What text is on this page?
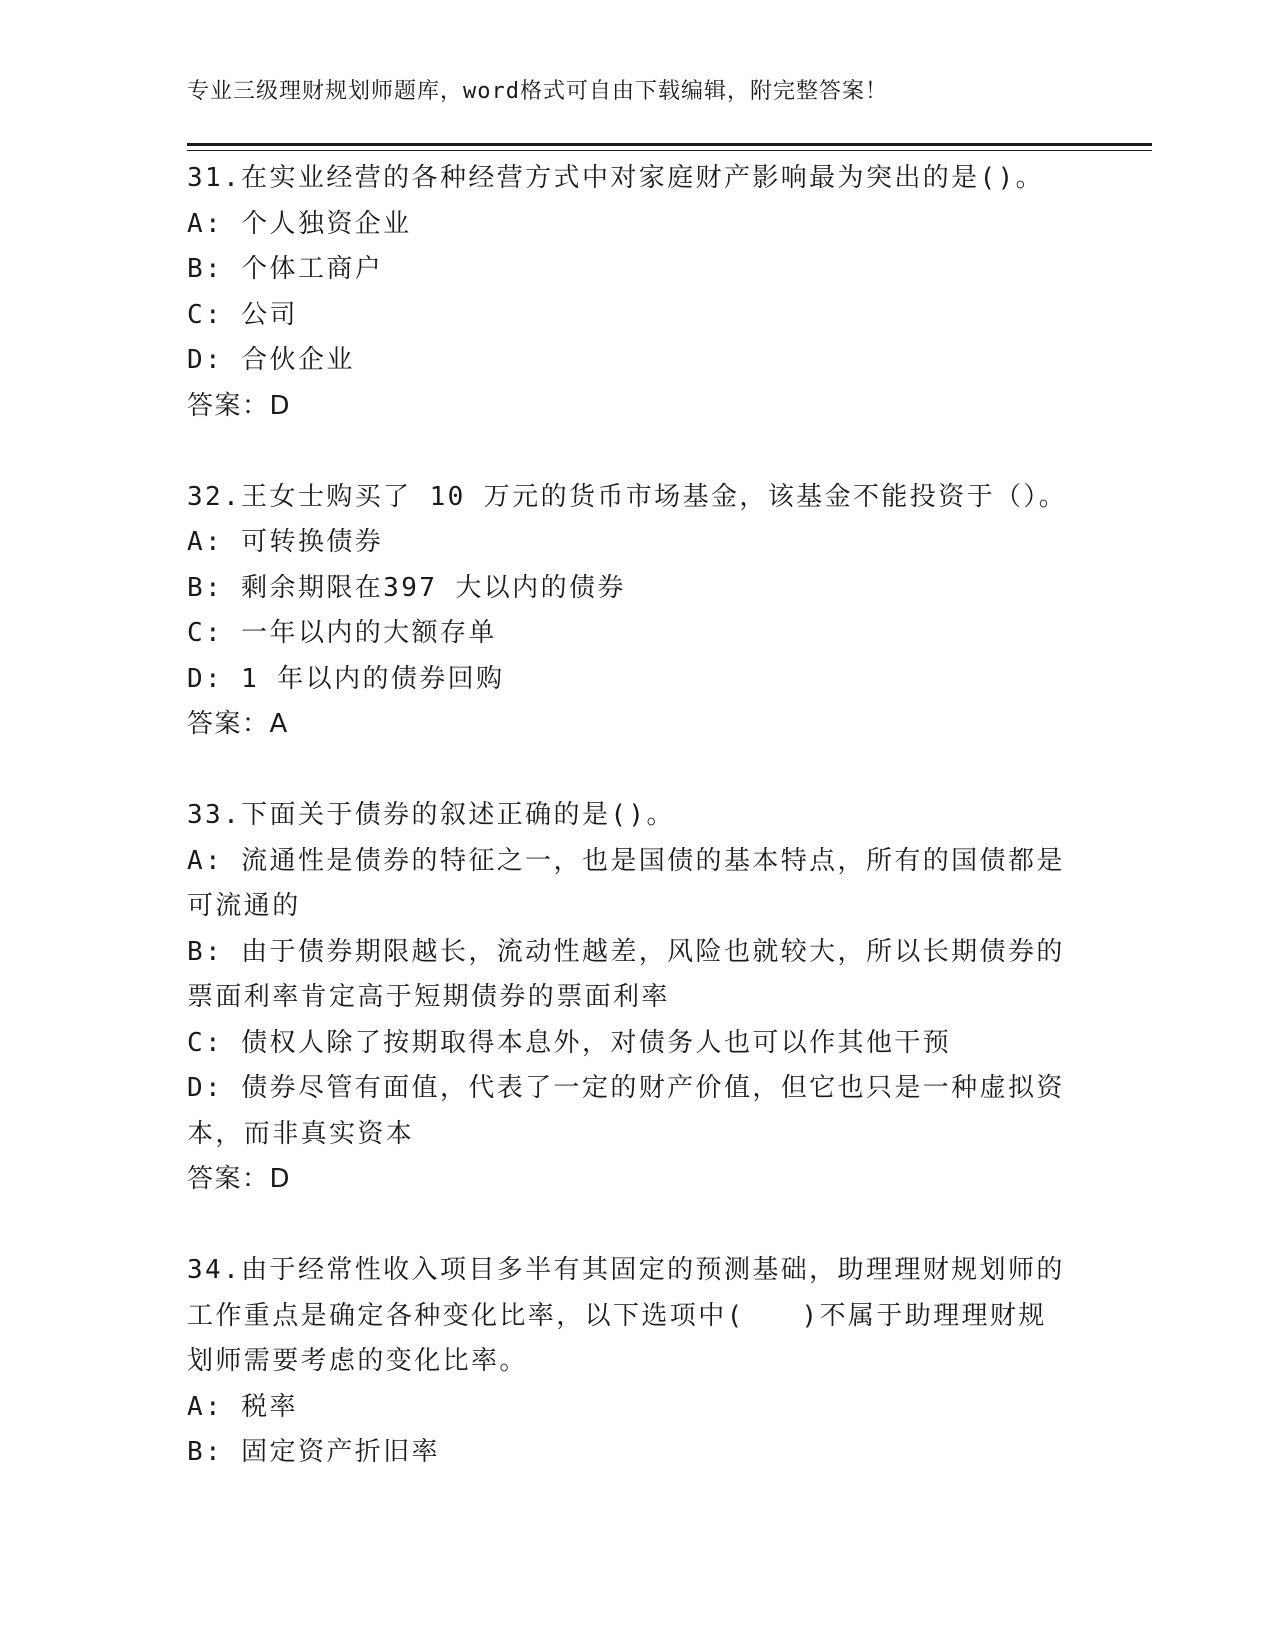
专业三级理财规划师题库，word格式可自由下载编辑，附完整答案！
31.在实业经营的各种经营方式中对家庭财产影响最为突出的是()。
A: 个人独资企业
B: 个体工商户
C: 公司
D: 合伙企业
答案：D
32.王女士购买了 10 万元的货币市场基金，该基金不能投资于（）。
A: 可转换债券
B: 剩余期限在397 大以内的债券
C: 一年以内的大额存单
D: 1 年以内的债券回购
答案：A
33.下面关于债券的叙述正确的是()。
A: 流通性是债券的特征之一，也是国债的基本特点，所有的国债都是
可流通的
B: 由于债券期限越长，流动性越差，风险也就较大，所以长期债券的
票面利率肯定高于短期债券的票面利率
C: 债权人除了按期取得本息外，对债务人也可以作其他干预
D: 债券尽管有面值，代表了一定的财产价值，但它也只是一种虚拟资
本，而非真实资本
答案：D
34.由于经常性收入项目多半有其固定的预测基础，助理理财规划师的
工作重点是确定各种变化比率，以下选项中(　　)不属于助理理财规
划师需要考虑的变化比率。
A: 税率
B: 固定资产折旧率
